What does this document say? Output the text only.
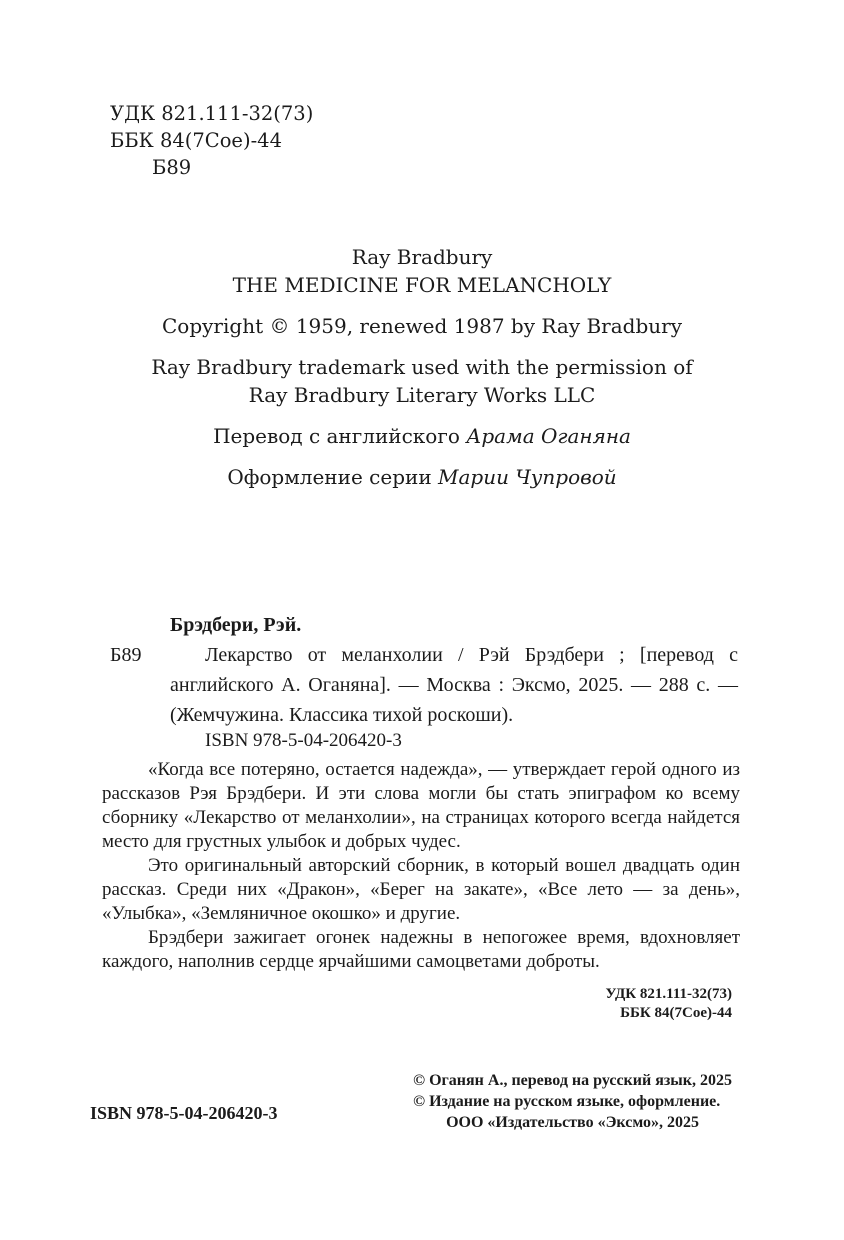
УДК 821.111-32(73)
ББК 84(7Сое)-44
Б89
Ray Bradbury
THE MEDICINE FOR MELANCHOLY
Copyright © 1959, renewed 1987 by Ray Bradbury
Ray Bradbury trademark used with the permission of Ray Bradbury Literary Works LLC
Перевод с английского Арама Оганяна
Оформление серии Марии Чупровой
Брэдбери, Рэй.
Б89	Лекарство от меланхолии / Рэй Брэдбери ; [перевод с английского А. Оганяна]. — Москва : Эксмо, 2025. — 288 с. — (Жемчужина. Классика тихой роскоши).

ISBN 978-5-04-206420-3

«Когда все потеряно, остается надежда», — утверждает герой одного из рассказов Рэя Брэдбери. И эти слова могли бы стать эпиграфом ко всему сборнику «Лекарство от меланхолии», на страницах которого всегда найдется место для грустных улыбок и добрых чудес.

Это оригинальный авторский сборник, в который вошел двадцать один рассказ. Среди них «Дракон», «Берег на закате», «Все лето — за день», «Улыбка», «Земляничное окошко» и другие.

Брэдбери зажигает огонек надежны в непогожее время, вдохновляет каждого, наполнив сердце ярчайшими самоцветами доброты.

УДК 821.111-32(73)
ББК 84(7Сое)-44
ISBN 978-5-04-206420-3
© Оганян А., перевод на русский язык, 2025
© Издание на русском языке, оформление.
ООО «Издательство «Эксмо», 2025
